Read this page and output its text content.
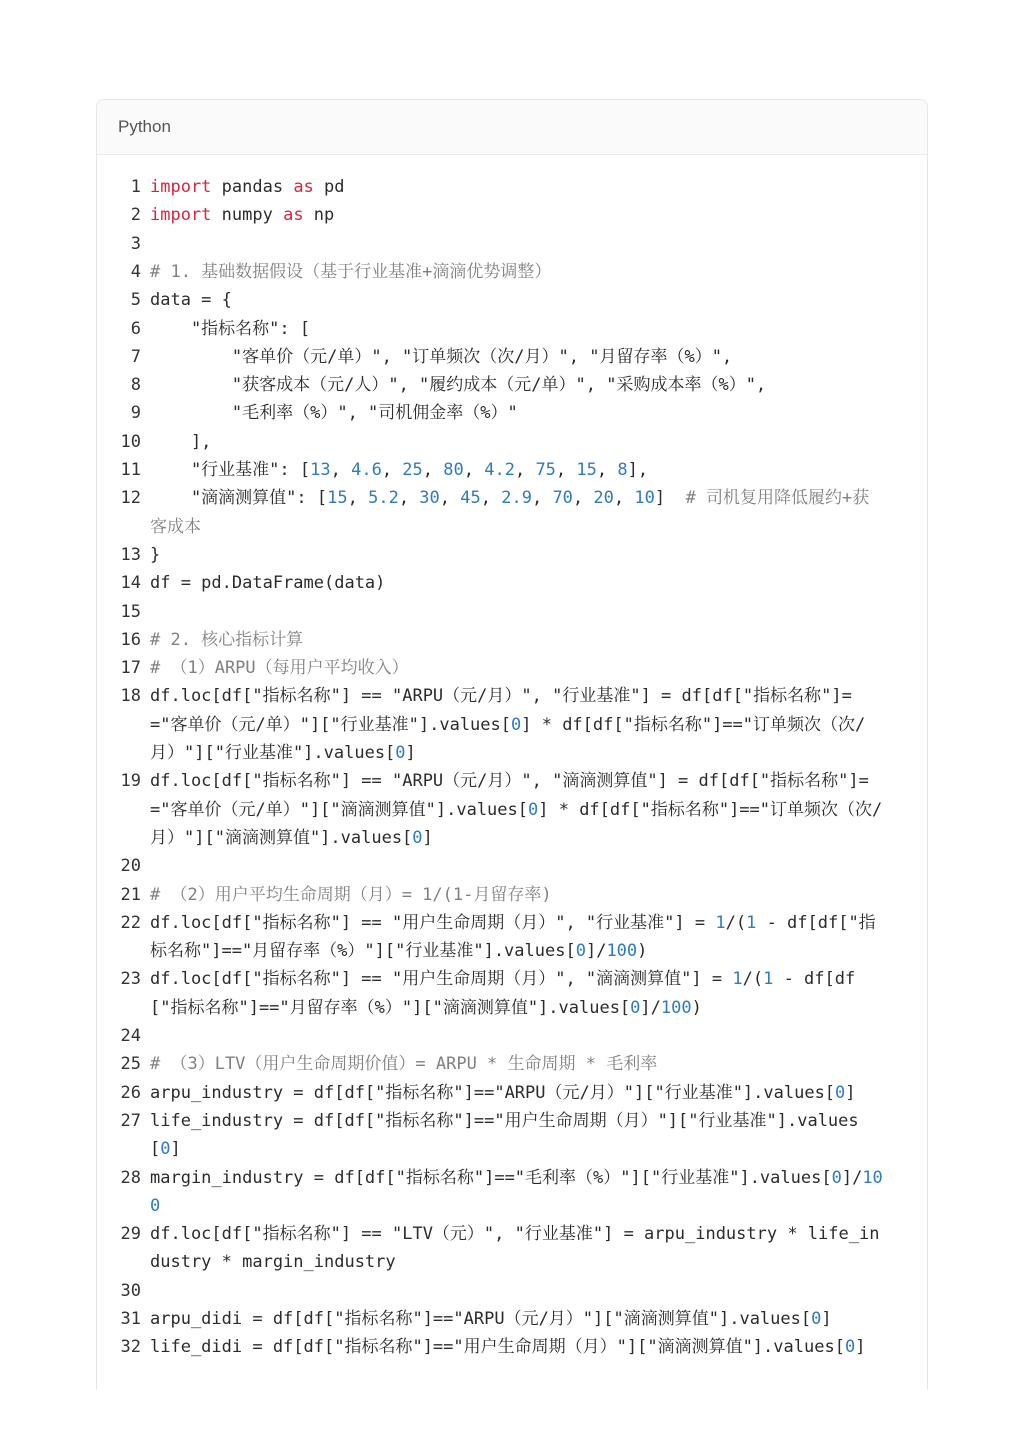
Python
1 import pandas as pd
2 import numpy as np
3
4 # 1. 基础数据假设（基于行业基准+滴滴优势调整）
5 data = {
6 "指标名称": [
7 "客单价（元/单）", "订单频次（次/月）", "月留存率（%）",
8 "获客成本（元/人）", "履约成本（元/单）", "采购成本率（%）",
9 "毛利率（%）", "司机佣金率（%）"
10 ],
11 "行业基准": [13, 4.6, 25, 80, 4.2, 75, 15, 8],
12 "滴滴测算值": [15, 5.2, 30, 45, 2.9, 70, 20, 10]  # 司机复用降低履约+获
客成本
13 }
14 df = pd.DataFrame(data)
15
16 # 2. 核心指标计算
17 # （1）ARPU（每用户平均收入）
18 df.loc[df["指标名称"] == "ARPU（元/月）", "行业基准"] = df[df["指标名称"]=
="客单价（元/单）"]["行业基准"].values[0] * df[df["指标名称"]=="订单频次（次/
月）"]["行业基准"].values[0]
19 df.loc[df["指标名称"] == "ARPU（元/月）", "滴滴测算值"] = df[df["指标名称"]=
="客单价（元/单）"]["滴滴测算值"].values[0] * df[df["指标名称"]=="订单频次（次/
月）"]["滴滴测算值"].values[0]
20
21 # （2）用户平均生命周期（月）= 1/(1-月留存率)
22 df.loc[df["指标名称"] == "用户生命周期（月）", "行业基准"] = 1/(1 - df[df["指
标名称"]=="月留存率（%）"]["行业基准"].values[0]/100)
23 df.loc[df["指标名称"] == "用户生命周期（月）", "滴滴测算值"] = 1/(1 - df[df
["指标名称"]=="月留存率（%）"]["滴滴测算值"].values[0]/100)
24
25 # （3）LTV（用户生命周期价值）= ARPU * 生命周期 * 毛利率
26 arpu_industry = df[df["指标名称"]=="ARPU（元/月）"]["行业基准"].values[0]
27 life_industry = df[df["指标名称"]=="用户生命周期（月）"]["行业基准"].values
[0]
28 margin_industry = df[df["指标名称"]=="毛利率（%）"]["行业基准"].values[0]/10
0
29 df.loc[df["指标名称"] == "LTV（元）", "行业基准"] = arpu_industry * life_in
dustry * margin_industry
30
31 arpu_didi = df[df["指标名称"]=="ARPU（元/月）"]["滴滴测算值"].values[0]
32 life_didi = df[df["指标名称"]=="用户生命周期（月）"]["滴滴测算值"].values[0]
